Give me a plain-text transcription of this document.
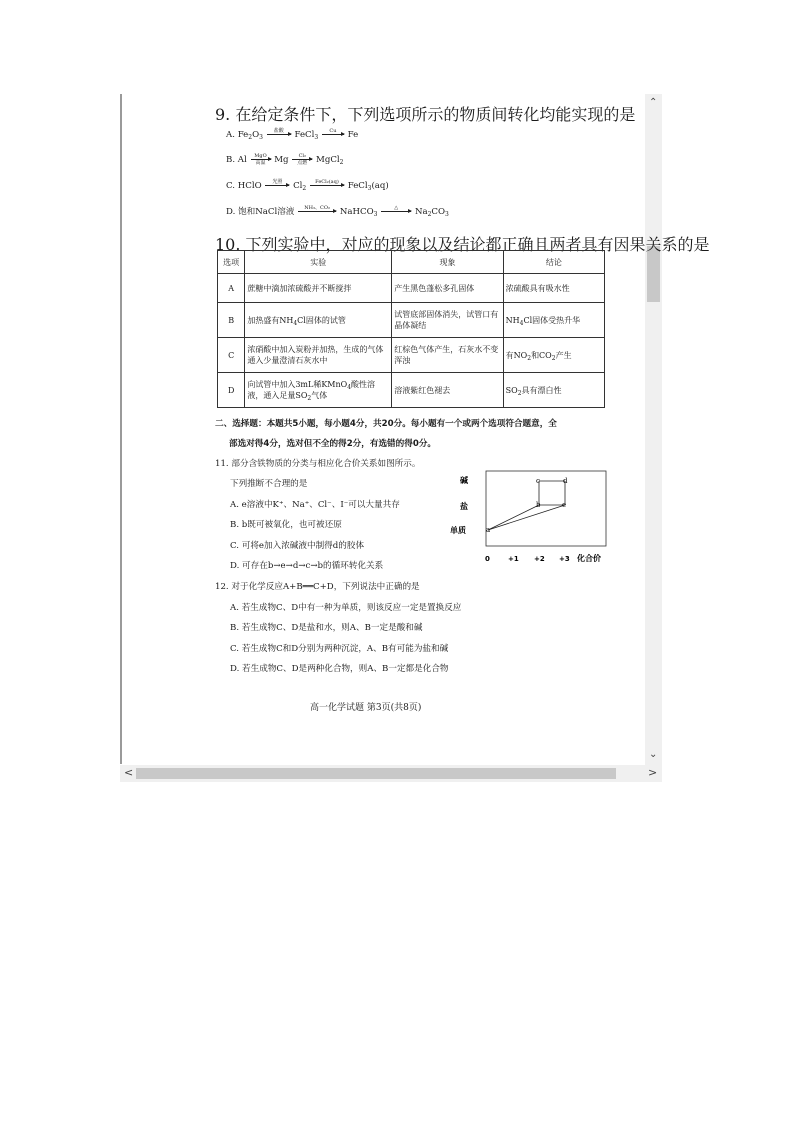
⌃
⌄
<	>
9. 在给定条件下，下列选项所示的物质间转化均能实现的是
A. $Fe_2O_3$
盐酸
	FeCl$_3$
Cu
	Fe
B. Al	MgO
高温	Mg	Cl₂
点燃	MgCl$_2$
C. HClO	光照
	$Cl_2$
FeCl₂(aq)
	FeCl$_3$(aq)
D. 饱和NaCl溶液	NH₃、CO₂
	NaHCO$_3$
△
	$Na_2CO_3$
10. 下列实验中，对应的现象以及结论都正确且两者具有因果关系的是
选项	实验	现象	结论
A	蔗糖中滴加浓硫酸并不断搅拌	产生黑色蓬松多孔固体	浓硫酸具有吸水性
B	加热盛有$NH_4Cl$固体的试管	试管底部固体消失，试管口有晶体凝结	$NH_4Cl$固体受热升华
C	浓硝酸中加入炭粉并加热，生成的气体通入少量澄清石灰水中	红棕色气体产生，石灰水不变浑浊	有$NO_2$和$CO_2$产生
D	向试管中加入3mL稀KMnO$_4$酸性溶液，通入足量$SO_2$气体	溶液紫红色褪去	$SO_2$具有漂白性
二、选择题：本题共5小题，每小题4分，共20分。每小题有一个或两个选项符合题意，全
部选对得4分，选对但不全的得2分，有选错的得0分。
11. 部分含铁物质的分类与相应化合价关系如图所示。
下列推断不合理的是
A. e溶液中K⁺、Na⁺、Cl⁻、I⁻可以大量共存
B. b既可被氧化，也可被还原
C. 可将e加入浓碱液中制得d的胶体
D. 可存在b→e→d→c→b的循环转化关系
碱
盐
单质
c	d
b	e
a
0	+1 +2 +3 化合价
12. 对于化学反应A+B══C+D，下列说法中正确的是
A. 若生成物C、D中有一种为单质，则该反应一定是置换反应
B. 若生成物C、D是盐和水，则A、B一定是酸和碱
C. 若生成物C和D分别为两种沉淀，A、B有可能为盐和碱
D. 若生成物C、D是两种化合物，则A、B一定都是化合物
高一化学试题 第3页(共8页)
